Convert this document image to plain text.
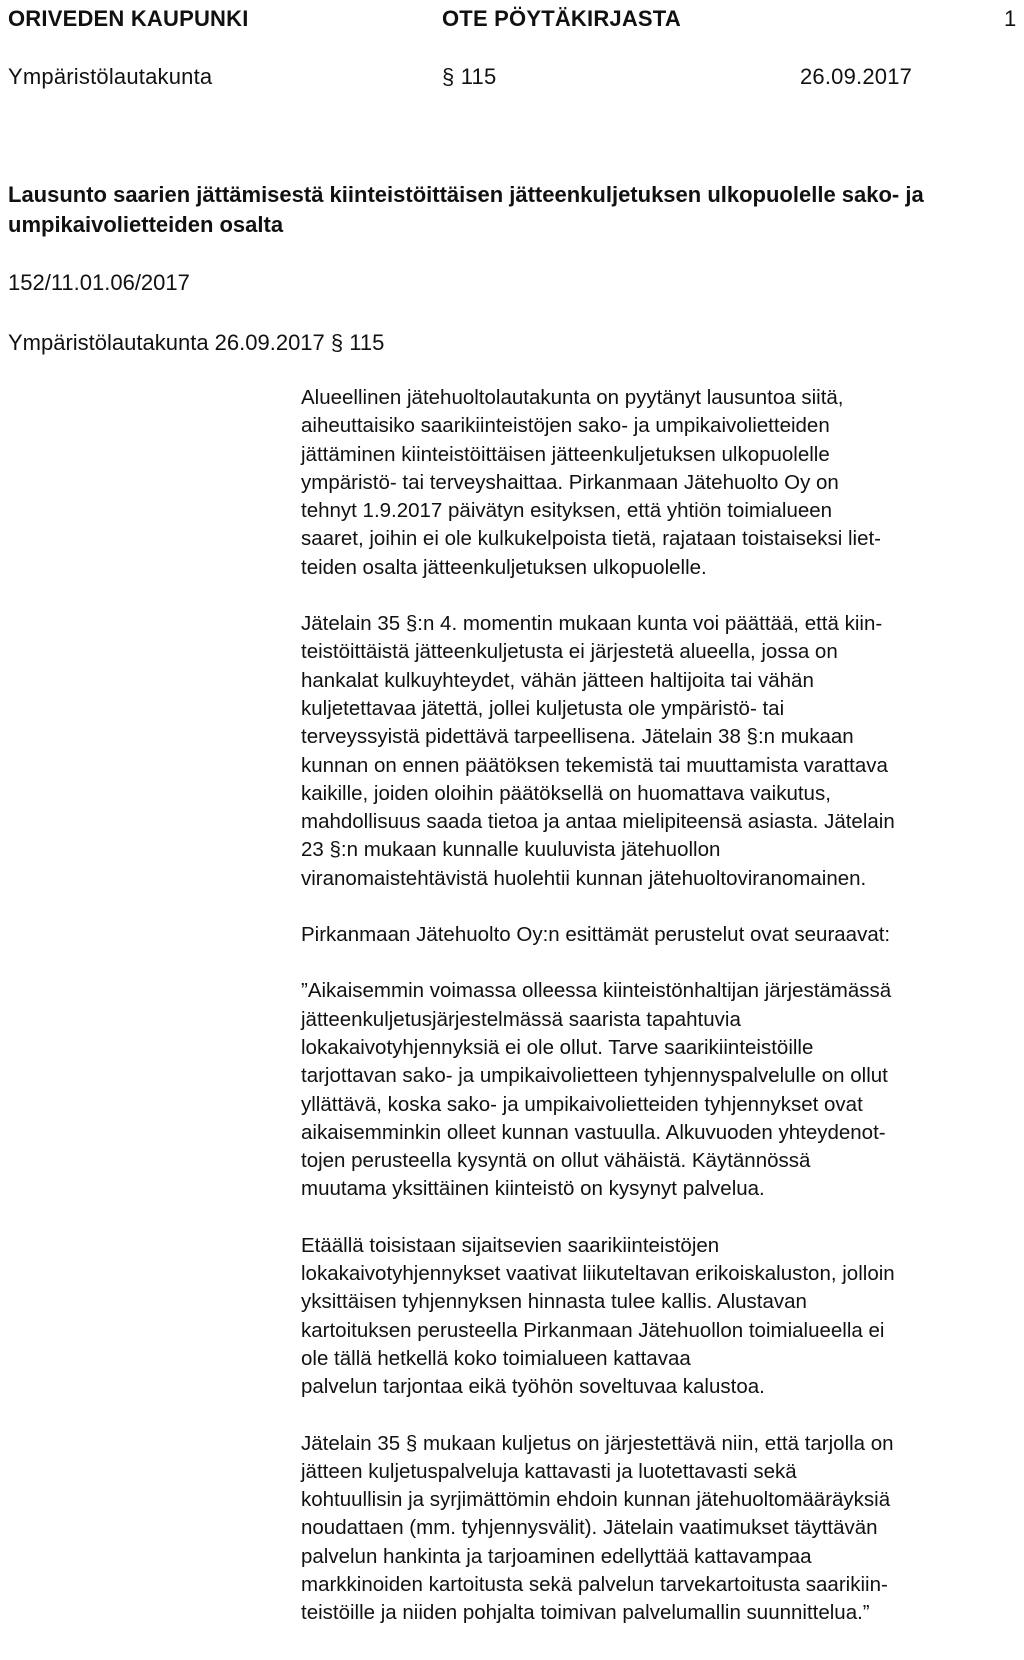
ORIVEDEN KAUPUNKI	OTE PÖYTÄKIRJASTA	1
Ympäristölautakunta	§ 115	26.09.2017
Lausunto saarien jättämisestä kiinteistöittäisen jätteenkuljetuksen ulkopuolelle sako- ja umpikaivolietteiden osalta
152/11.01.06/2017
Ympäristölautakunta 26.09.2017 § 115

Alueellinen jätehuoltolautakunta on pyytänyt lausuntoa siitä,
aiheuttaisiko saarikiinteistöjen sako- ja umpikaivolietteiden
jättäminen kiinteistöittäisen jätteenkuljetuksen ulkopuolelle
ympäristö- tai terveyshaittaa. Pirkanmaan Jätehuolto Oy on
tehnyt 1.9.2017 päivätyn esityksen, että yhtiön toimialueen
saaret, joihin ei ole kulkukelpoista tietä, rajataan toistaiseksi liet-
teiden osalta jätteenkuljetuksen ulkopuolelle.

Jätelain 35 §:n 4. momentin mukaan kunta voi päättää, että kiin-
teistöittäistä jätteenkuljetusta ei järjestetä alueella, jossa on
hankalat kulkuyhteydet, vähän jätteen haltijoita tai vähän
kuljetettavaa jätettä, jollei kuljetusta ole ympäristö- tai
terveyssyistä pidettävä tarpeellisena. Jätelain 38 §:n mukaan
kunnan on ennen päätöksen tekemistä tai muuttamista varattava
kaikille, joiden oloihin päätöksellä on huomattava vaikutus,
mahdollisuus saada tietoa ja antaa mielipiteensä asiasta. Jätelain
23 §:n mukaan kunnalle kuuluvista jätehuollon
viranomaistehtävistä huolehtii kunnan jätehuoltoviranomainen.

Pirkanmaan Jätehuolto Oy:n esittämät perustelut ovat seuraavat:

”Aikaisemmin voimassa olleessa kiinteistönhaltijan järjestämässä
jätteenkuljetusjärjestelmässä saarista tapahtuvia
lokakaivotyhjennyksiä ei ole ollut. Tarve saarikiinteistöille
tarjottavan sako- ja umpikaivolietteen tyhjennyspalvelulle on ollut
yllättävä, koska sako- ja umpikaivolietteiden tyhjennykset ovat
aikaisemminkin olleet kunnan vastuulla. Alkuvuoden yhteydenot-
tojen perusteella kysyntä on ollut vähäistä. Käytännössä
muutama yksittäinen kiinteistö on kysynyt palvelua.

Etäällä toisistaan sijaitsevien saarikiinteistöjen
lokakaivotyhjennykset vaativat liikuteltavan erikoiskaluston, jolloin
yksittäisen tyhjennyksen hinnasta tulee kallis. Alustavan
kartoituksen perusteella Pirkanmaan Jätehuollon toimialueella ei
ole tällä hetkellä koko toimialueen kattavaa
palvelun tarjontaa eikä työhön soveltuvaa kalustoa.

Jätelain 35 § mukaan kuljetus on järjestettävä niin, että tarjolla on
jätteen kuljetuspalveluja kattavasti ja luotettavasti sekä
kohtuullisin ja syrjimättömin ehdoin kunnan jätehuoltomääräyksiä
noudattaen (mm. tyhjennysvälit). Jätelain vaatimukset täyttävän
palvelun hankinta ja tarjoaminen edellyttää kattavampaa
markkinoiden kartoitusta sekä palvelun tarvekartoitusta saarikiin-
teistöille ja niiden pohjalta toimivan palvelumallin suunnittelua.”
